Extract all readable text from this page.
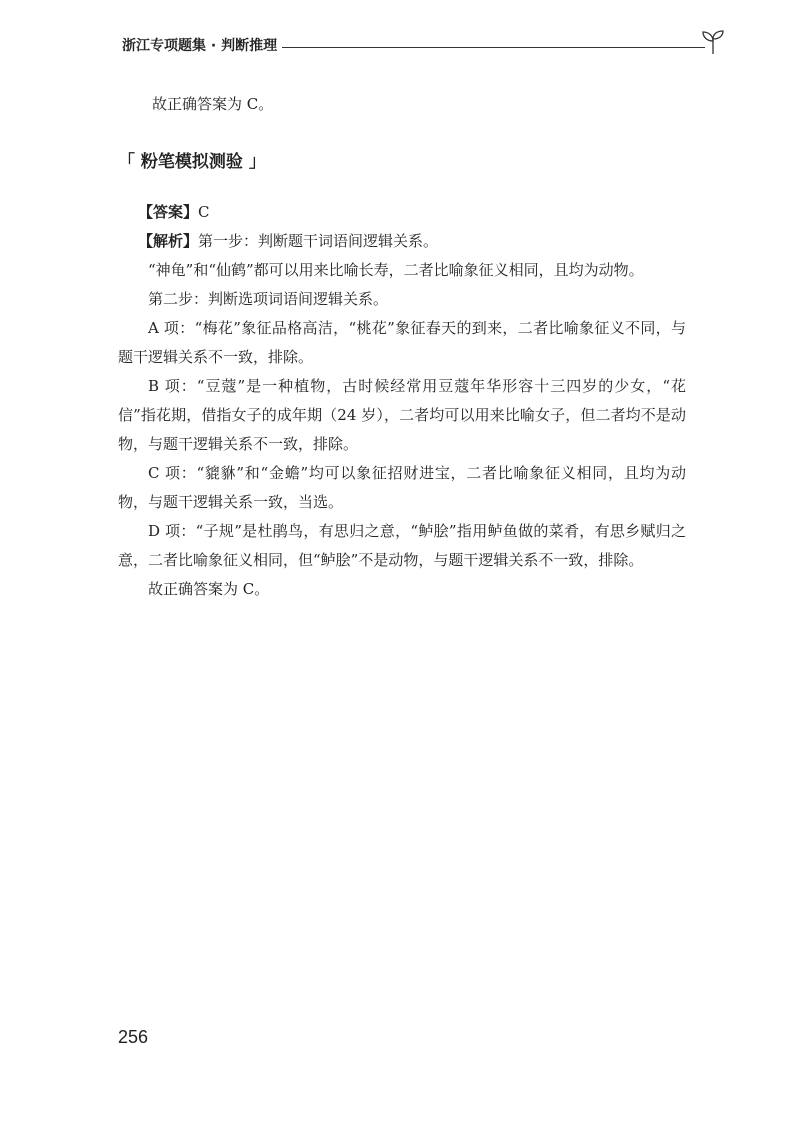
浙江专项题集 · 判断推理

故正确答案为 C。

「 粉笔模拟测验 」

【答案】C

【解析】第一步：判断题干词语间逻辑关系。

“神龟”和“仙鹤”都可以用来比喻长寿，二者比喻象征义相同，且均为动物。

第二步：判断选项词语间逻辑关系。

A 项：“梅花”象征品格高洁，“桃花”象征春天的到来，二者比喻象征义不同，与题干逻辑关系不一致，排除。

B 项：“豆蔻”是一种植物，古时候经常用豆蔻年华形容十三四岁的少女，“花信”指花期，借指女子的成年期（24 岁），二者均可以用来比喻女子，但二者均不是动物，与题干逻辑关系不一致，排除。

C 项：“貔貅”和“金蟾”均可以象征招财进宝，二者比喻象征义相同，且均为动物，与题干逻辑关系一致，当选。

D 项：“子规”是杜鹃鸟，有思归之意，“鲈脍”指用鲈鱼做的菜肴，有思乡赋归之意，二者比喻象征义相同，但“鲈脍”不是动物，与题干逻辑关系不一致，排除。

故正确答案为 C。

256
